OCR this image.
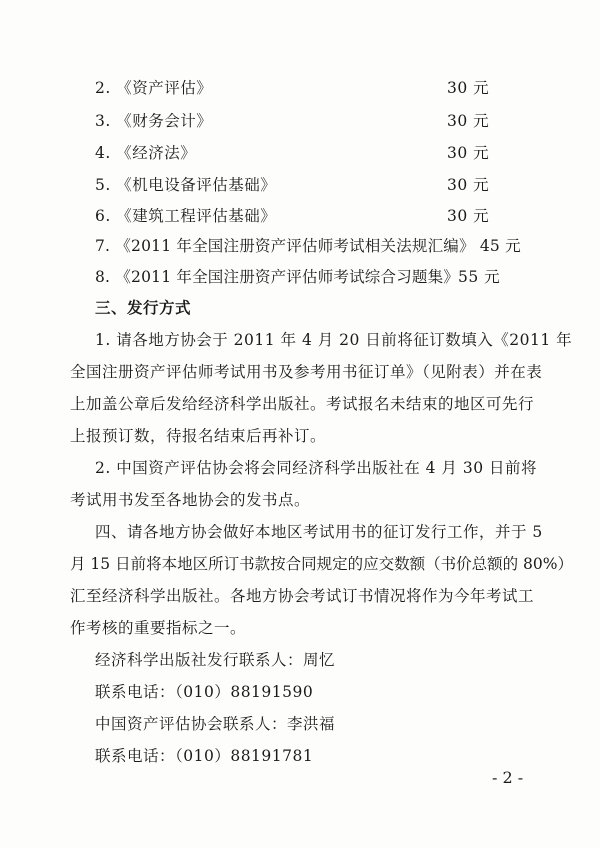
2. 《资产评估》	30 元
3. 《财务会计》	30 元
4. 《经济法》	30 元
5. 《机电设备评估基础》	30 元
6. 《建筑工程评估基础》	30 元
7. 《2011 年全国注册资产评估师考试相关法规汇编》 45 元
8. 《2011 年全国注册资产评估师考试综合习题集》 55 元
三、发行方式
1. 请各地方协会于 2011 年 4 月 20 日前将征订数填入《2011 年
全国注册资产评估师考试用书及参考用书征订单》（见附表）并在表
上加盖公章后发给经济科学出版社。考试报名未结束的地区可先行
上报预订数，待报名结束后再补订。
2. 中国资产评估协会将会同经济科学出版社在 4 月 30 日前将
考试用书发至各地协会的发书点。
四、请各地方协会做好本地区考试用书的征订发行工作，并于 5
月 15 日前将本地区所订书款按合同规定的应交数额（书价总额的 80%）
汇至经济科学出版社。各地方协会考试订书情况将作为今年考试工
作考核的重要指标之一。
经济科学出版社发行联系人：周忆
联系电话：（010）88191590
中国资产评估协会联系人：李洪福
联系电话：（010）88191781
- 2 -
